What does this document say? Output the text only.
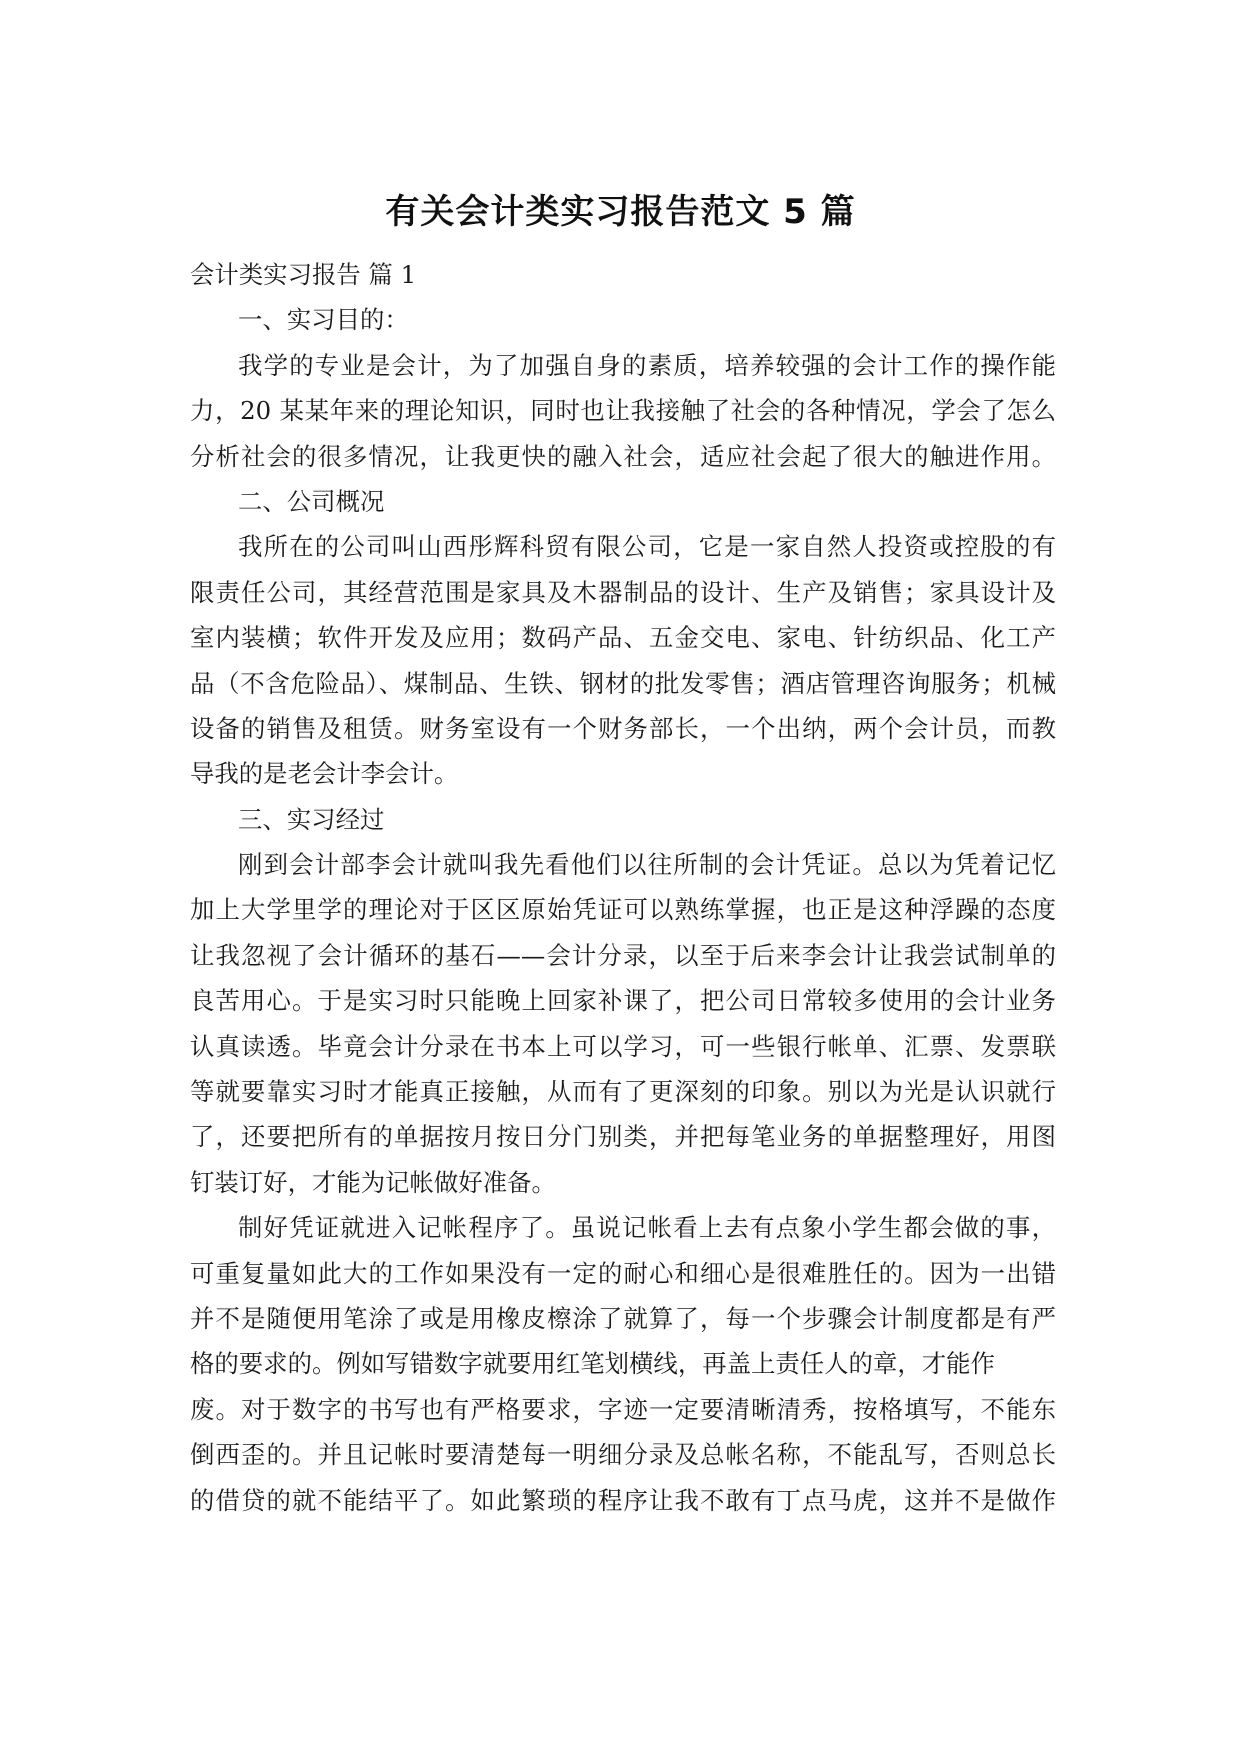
有关会计类实习报告范文 5 篇
会计类实习报告 篇 1
一、实习目的：
我学的专业是会计，为了加强自身的素质，培养较强的会计工作的操作能
力，20 某某年来的理论知识，同时也让我接触了社会的各种情况，学会了怎么
分析社会的很多情况，让我更快的融入社会，适应社会起了很大的触进作用。
二、公司概况
我所在的公司叫山西彤辉科贸有限公司，它是一家自然人投资或控股的有
限责任公司，其经营范围是家具及木器制品的设计、生产及销售；家具设计及
室内装横；软件开发及应用；数码产品、五金交电、家电、针纺织品、化工产
品（不含危险品）、煤制品、生铁、钢材的批发零售；酒店管理咨询服务；机械
设备的销售及租赁。财务室设有一个财务部长，一个出纳，两个会计员，而教
导我的是老会计李会计。
三、实习经过
刚到会计部李会计就叫我先看他们以往所制的会计凭证。总以为凭着记忆
加上大学里学的理论对于区区原始凭证可以熟练掌握，也正是这种浮躁的态度
让我忽视了会计循环的基石——会计分录，以至于后来李会计让我尝试制单的
良苦用心。于是实习时只能晚上回家补课了，把公司日常较多使用的会计业务
认真读透。毕竟会计分录在书本上可以学习，可一些银行帐单、汇票、发票联
等就要靠实习时才能真正接触，从而有了更深刻的印象。别以为光是认识就行
了，还要把所有的单据按月按日分门别类，并把每笔业务的单据整理好，用图
钉装订好，才能为记帐做好准备。
制好凭证就进入记帐程序了。虽说记帐看上去有点象小学生都会做的事，
可重复量如此大的工作如果没有一定的耐心和细心是很难胜任的。因为一出错
并不是随便用笔涂了或是用橡皮檫涂了就算了，每一个步骤会计制度都是有严
格的要求的。例如写错数字就要用红笔划横线，再盖上责任人的章，才能作
废。对于数字的书写也有严格要求，字迹一定要清晰清秀，按格填写，不能东
倒西歪的。并且记帐时要清楚每一明细分录及总帐名称，不能乱写，否则总长
的借贷的就不能结平了。如此繁琐的程序让我不敢有丁点马虎，这并不是做作
